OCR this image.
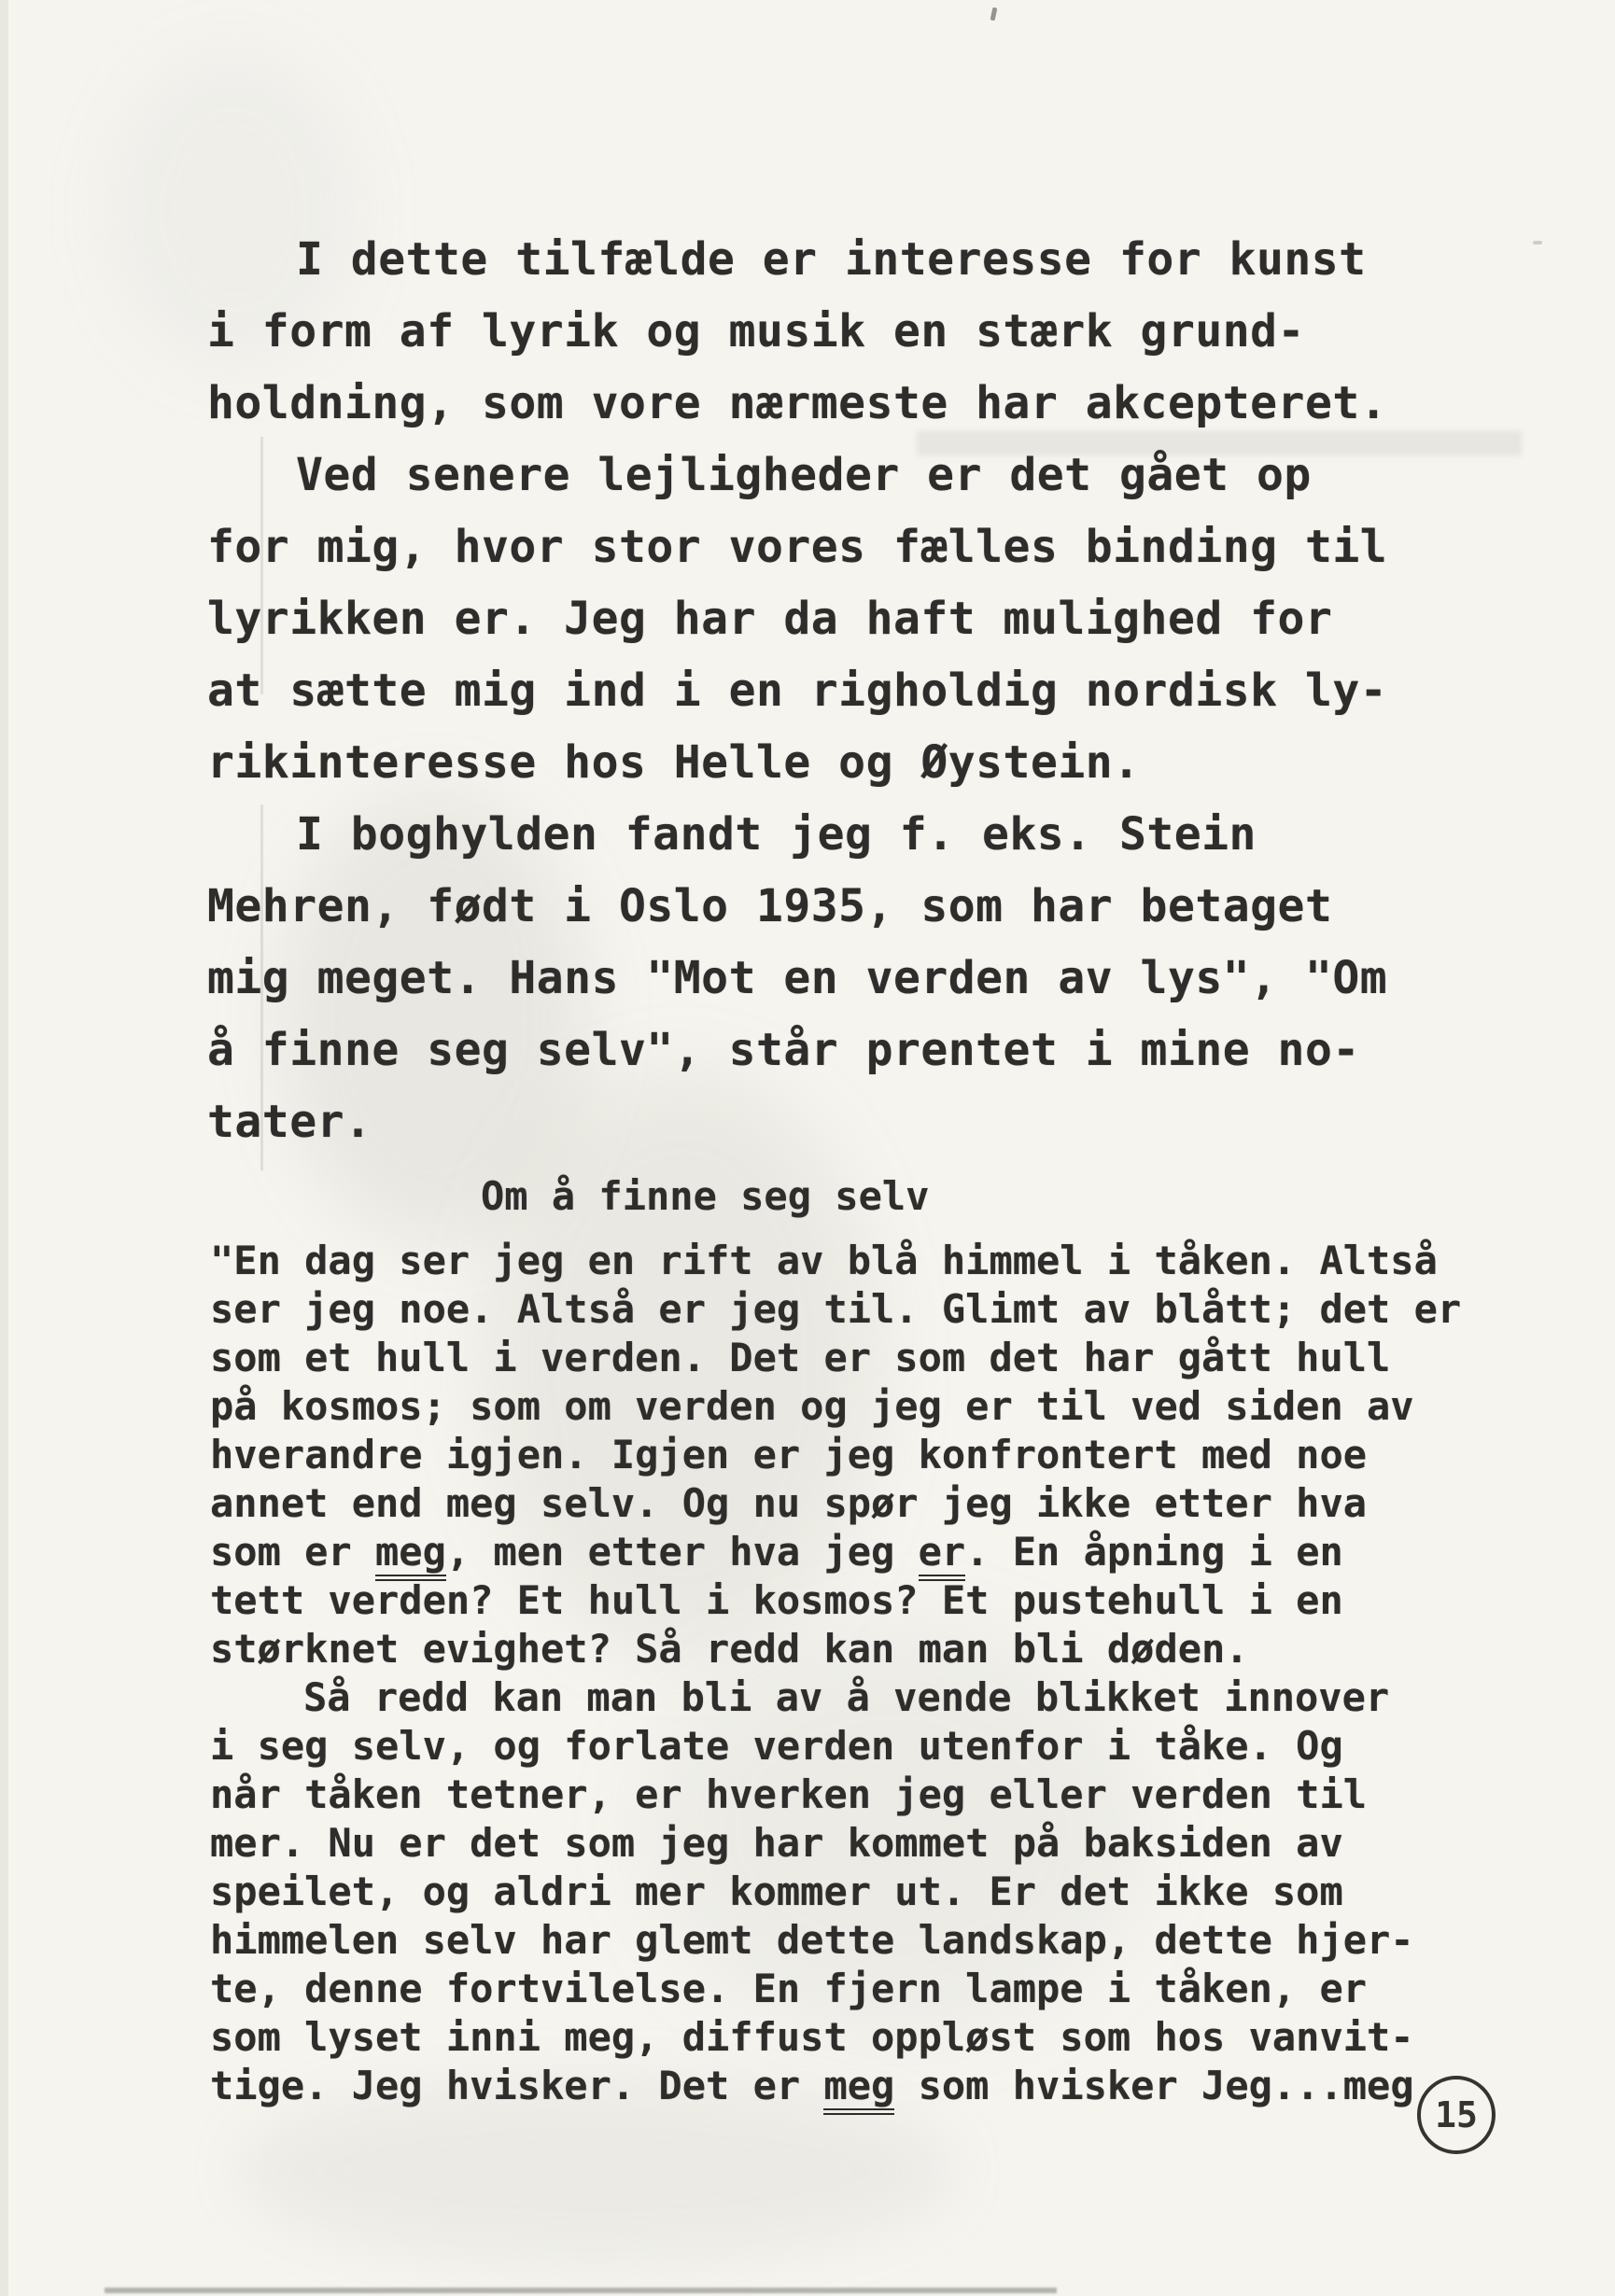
I dette tilfælde er interesse for kunst
i form af lyrik og musik en stærk grund-
holdning, som vore nærmeste har akcepteret.
Ved senere lejligheder er det gået op
for mig, hvor stor vores fælles binding til
lyrikken er. Jeg har da haft mulighed for
at sætte mig ind i en righoldig nordisk ly-
rikinteresse hos Helle og Øystein.
I boghylden fandt jeg f. eks. Stein
Mehren, født i Oslo 1935, som har betaget
mig meget. Hans "Mot en verden av lys", "Om
å finne seg selv", står prentet i mine no-
tater.
Om å finne seg selv
"En dag ser jeg en rift av blå himmel i tåken. Altså
ser jeg noe. Altså er jeg til. Glimt av blått; det er
som et hull i verden. Det er som det har gått hull
på kosmos; som om verden og jeg er til ved siden av
hverandre igjen. Igjen er jeg konfrontert med noe
annet end meg selv. Og nu spør jeg ikke etter hva
som er meg, men etter hva jeg er. En åpning i en
tett verden? Et hull i kosmos? Et pustehull i en
størknet evighet? Så redd kan man bli døden.
Så redd kan man bli av å vende blikket innover
i seg selv, og forlate verden utenfor i tåke. Og
når tåken tetner, er hverken jeg eller verden til
mer. Nu er det som jeg har kommet på baksiden av
speilet, og aldri mer kommer ut. Er det ikke som
himmelen selv har glemt dette landskap, dette hjer-
te, denne fortvilelse. En fjern lampe i tåken, er
som lyset inni meg, diffust oppløst som hos vanvit-
tige. Jeg hvisker. Det er meg som hvisker Jeg...meg
15
